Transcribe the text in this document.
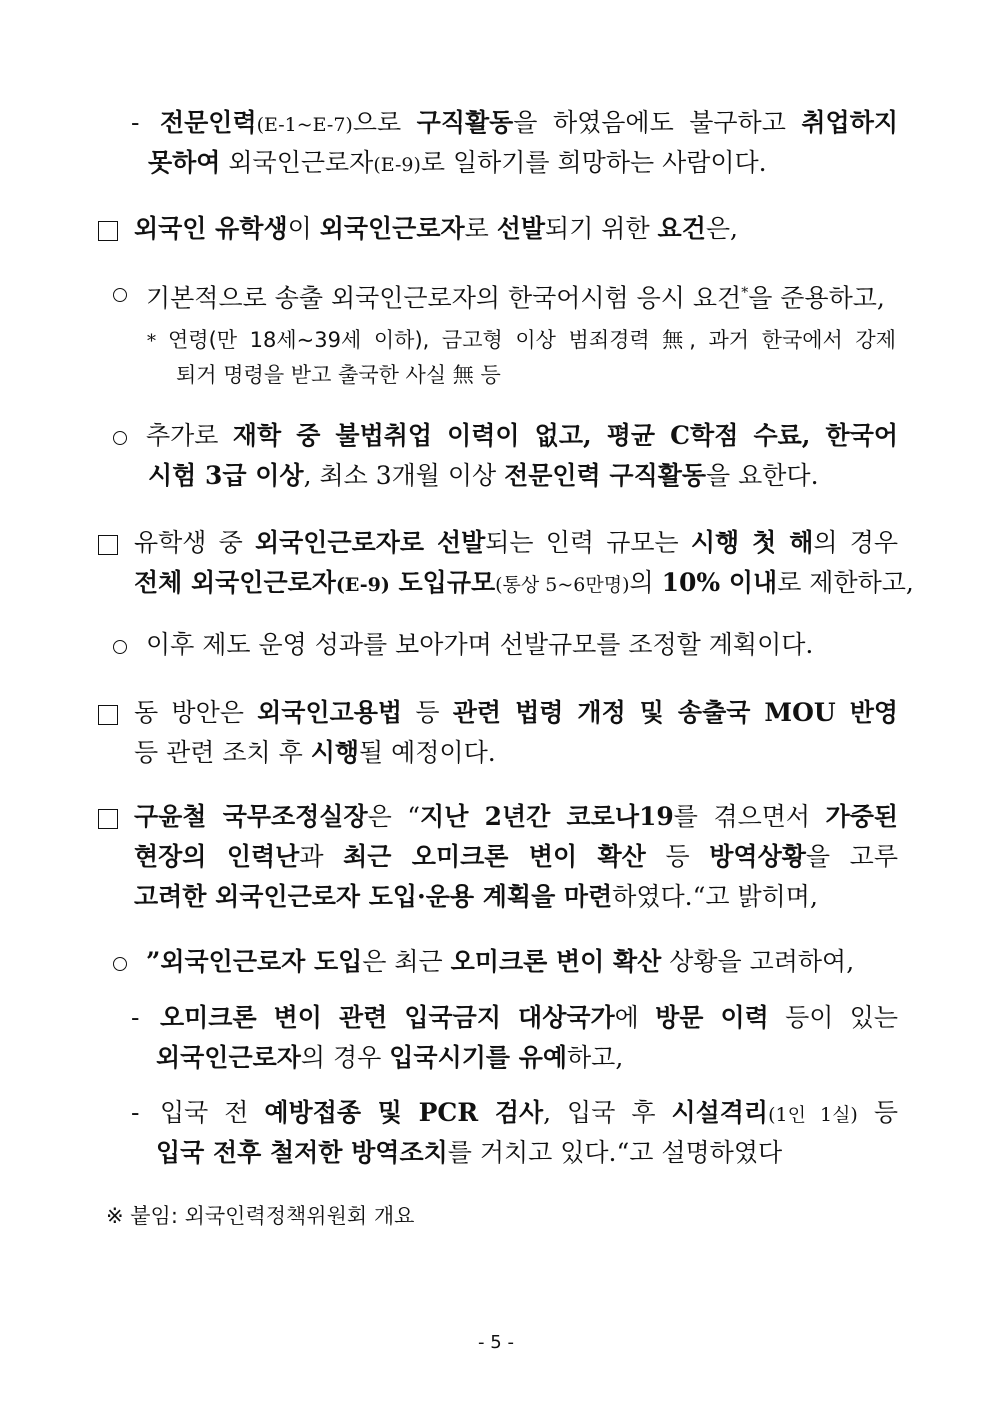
- 전문인력(E-1~E-7)으로 구직활동을 하였음에도 불구하고 취업하지
못하여 외국인근로자(E-9)로 일하기를 희망하는 사람이다.
외국인 유학생이 외국인근로자로 선발되기 위한 요건은,
기본적으로 송출 외국인근로자의 한국어시험 응시 요건*을 준용하고,
* 연령(만 18세~39세 이하), 금고형 이상 범죄경력 無, 과거 한국에서 강제
퇴거 명령을 받고 출국한 사실 無 등
추가로 재학 중 불법취업 이력이 없고, 평균 C학점 수료, 한국어
시험 3급 이상, 최소 3개월 이상 전문인력 구직활동을 요한다.
유학생 중 외국인근로자로 선발되는 인력 규모는 시행 첫 해의 경우
전체 외국인근로자(E-9) 도입규모(통상 5~6만명)의 10% 이내로 제한하고,
이후 제도 운영 성과를 보아가며 선발규모를 조정할 계획이다.
동 방안은 외국인고용법 등 관련 법령 개정 및 송출국 MOU 반영
등 관련 조치 후 시행될 예정이다.
구윤철 국무조정실장은 “지난 2년간 코로나19를 겪으면서 가중된
현장의 인력난과 최근 오미크론 변이 확산 등 방역상황을 고루
고려한 외국인근로자 도입·운용 계획을 마련하였다.“고 밝히며,
”외국인근로자 도입은 최근 오미크론 변이 확산 상황을 고려하여,
- 오미크론 변이 관련 입국금지 대상국가에 방문 이력 등이 있는
외국인근로자의 경우 입국시기를 유예하고,
- 입국 전 예방접종 및 PCR 검사, 입국 후 시설격리(1인 1실) 등
입국 전후 철저한 방역조치를 거치고 있다.“고 설명하였다
※ 붙임: 외국인력정책위원회 개요
- 5 -
